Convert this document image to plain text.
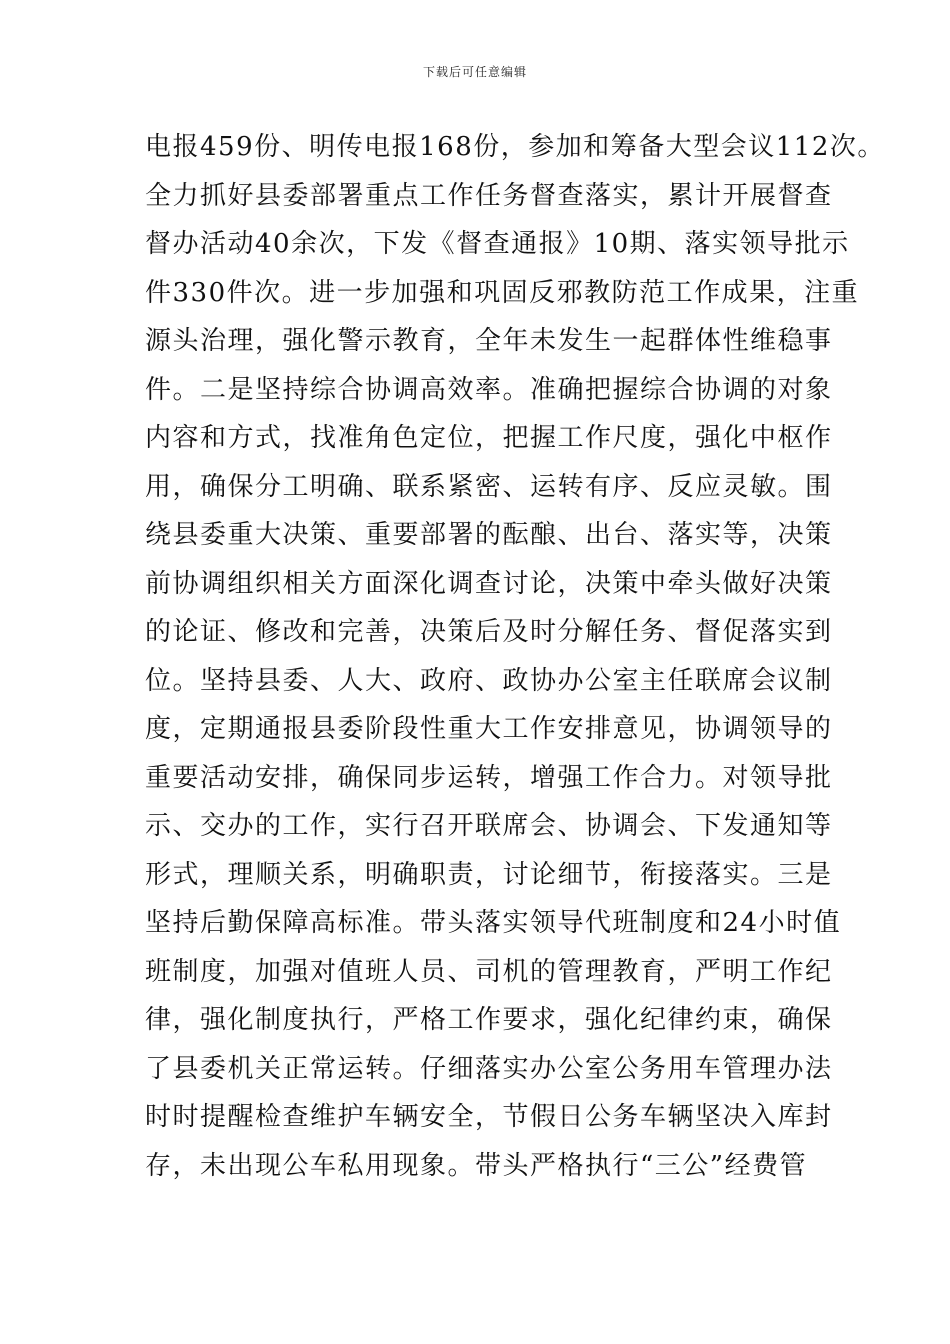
下载后可任意编辑
电报459份、明传电报168份，参加和筹备大型会议112次。
全力抓好县委部署重点工作任务督查落实，累计开展督查
督办活动40余次，下发《督查通报》10期、落实领导批示
件330件次。进一步加强和巩固反邪教防范工作成果，注重
源头治理，强化警示教育，全年未发生一起群体性维稳事
件。二是坚持综合协调高效率。准确把握综合协调的对象
内容和方式，找准角色定位，把握工作尺度，强化中枢作
用，确保分工明确、联系紧密、运转有序、反应灵敏。围
绕县委重大决策、重要部署的酝酿、出台、落实等，决策
前协调组织相关方面深化调查讨论，决策中牵头做好决策
的论证、修改和完善，决策后及时分解任务、督促落实到
位。坚持县委、人大、政府、政协办公室主任联席会议制
度，定期通报县委阶段性重大工作安排意见，协调领导的
重要活动安排，确保同步运转，增强工作合力。对领导批
示、交办的工作，实行召开联席会、协调会、下发通知等
形式，理顺关系，明确职责，讨论细节，衔接落实。三是
坚持后勤保障高标准。带头落实领导代班制度和24小时值
班制度，加强对值班人员、司机的管理教育，严明工作纪
律，强化制度执行，严格工作要求，强化纪律约束，确保
了县委机关正常运转。仔细落实办公室公务用车管理办法
时时提醒检查维护车辆安全，节假日公务车辆坚决入库封
存，未出现公车私用现象。带头严格执行“三公”经费管
